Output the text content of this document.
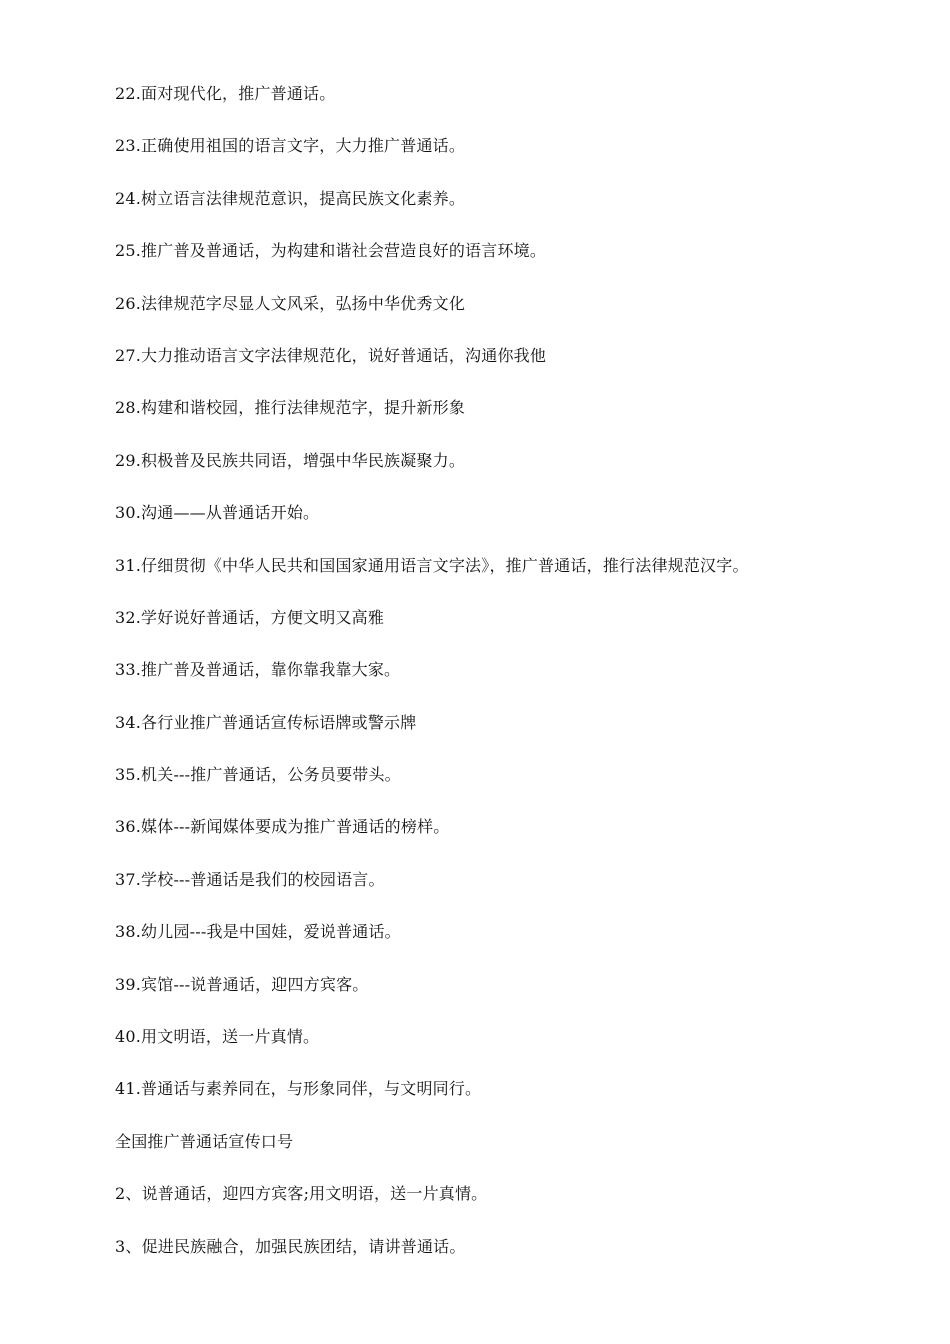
22.面对现代化，推广普通话。
23.正确使用祖国的语言文字，大力推广普通话。
24.树立语言法律规范意识，提高民族文化素养。
25.推广普及普通话，为构建和谐社会营造良好的语言环境。
26.法律规范字尽显人文风采，弘扬中华优秀文化
27.大力推动语言文字法律规范化，说好普通话，沟通你我他
28.构建和谐校园，推行法律规范字，提升新形象
29.积极普及民族共同语，增强中华民族凝聚力。
30.沟通——从普通话开始。
31.仔细贯彻《中华人民共和国国家通用语言文字法》，推广普通话，推行法律规范汉字。
32.学好说好普通话，方便文明又高雅
33.推广普及普通话，靠你靠我靠大家。
34.各行业推广普通话宣传标语牌或警示牌
35.机关---推广普通话，公务员要带头。
36.媒体---新闻媒体要成为推广普通话的榜样。
37.学校---普通话是我们的校园语言。
38.幼儿园---我是中国娃，爱说普通话。
39.宾馆---说普通话，迎四方宾客。
40.用文明语，送一片真情。
41.普通话与素养同在，与形象同伴，与文明同行。
全国推广普通话宣传口号
2、说普通话，迎四方宾客;用文明语，送一片真情。
3、促进民族融合，加强民族团结，请讲普通话。
